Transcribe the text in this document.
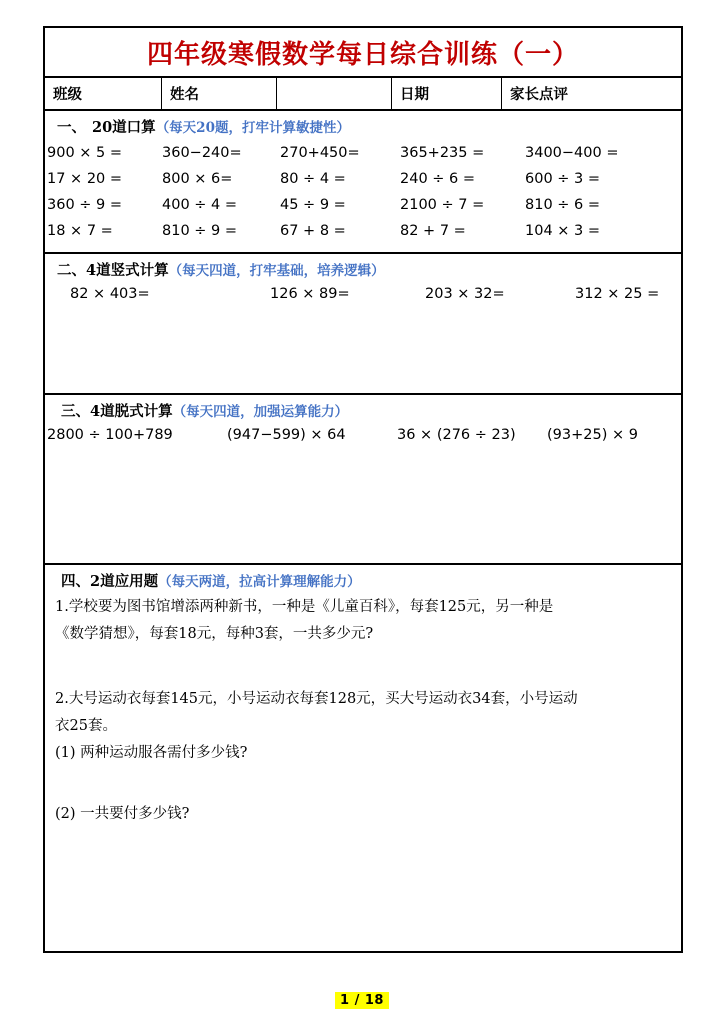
四年级寒假数学每日综合训练（一）
班级	姓名	日期	家长点评
一、 20道口算（每天20题，打牢计算敏捷性）
900 × 5 =	360−240=	270+450=	365+235 =	3400−400 =
17 × 20 =	800 × 6=	80 ÷ 4 =	240 ÷ 6 =	600 ÷ 3 =
360 ÷ 9 =	400 ÷ 4 =	45 ÷ 9 =	2100 ÷ 7 =	810 ÷ 6 =
18 × 7 =	810 ÷ 9 =	67 + 8 =	82 + 7 =	104 × 3 =
二、4道竖式计算（每天四道，打牢基础，培养逻辑）
82 × 403=	126 × 89=	203 × 32=	312 × 25 =
三、4道脱式计算（每天四道，加强运算能力）
2800 ÷ 100+789	(947−599) × 64	36 × (276 ÷ 23)	(93+25) × 9
四、2道应用题（每天两道，拉高计算理解能力）
1.学校要为图书馆增添两种新书，一种是《儿童百科》，每套125元，另一种是
《数学猜想》，每套18元，每种3套，一共多少元?
2.大号运动衣每套145元，小号运动衣每套128元，买大号运动衣34套，小号运动
衣25套。
(1) 两种运动服各需付多少钱?
(2) 一共要付多少钱?
1 / 18
